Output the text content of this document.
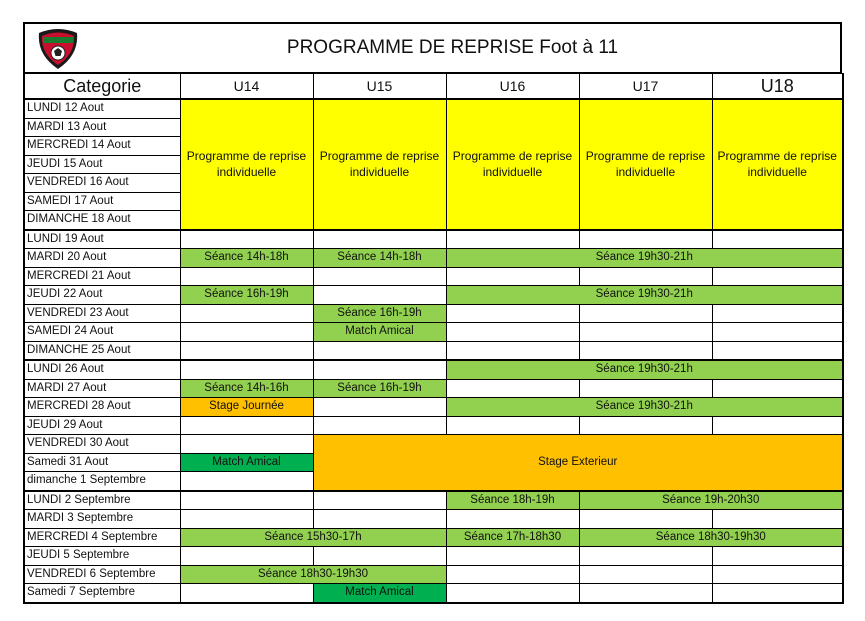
PROGRAMME DE REPRISE Foot à 11
Categorie	U14	U15	U16	U17	U18
LUNDI 12 Aout	Programme de reprise individuelle	Programme de reprise individuelle	Programme de reprise individuelle	Programme de reprise individuelle	Programme de reprise individuelle
MARDI 13 Aout					
MERCREDI 14 Aout					
JEUDI 15 Aout					
VENDREDI 16 Aout					
SAMEDI 17 Aout					
DIMANCHE 18 Aout					
LUNDI 19 Aout					
MARDI 20 Aout	Séance 14h-18h	Séance 14h-18h	Séance 19h30-21h		
MERCREDI 21 Aout					
JEUDI 22 Aout	Séance 16h-19h		Séance 19h30-21h		
VENDREDI 23 Aout		Séance 16h-19h			
SAMEDI 24 Aout		Match Amical			
DIMANCHE 25 Aout					
LUNDI 26 Aout			Séance 19h30-21h		
MARDI 27 Aout	Séance 14h-16h	Séance 16h-19h			
MERCREDI 28 Aout	Stage Journée		Séance 19h30-21h		
JEUDI 29 Aout					
VENDREDI 30 Aout		Stage Exterieur			
Samedi 31 Aout	Match Amical				
dimanche 1 Septembre					
LUNDI 2 Septembre			Séance 18h-19h	Séance 19h-20h30	
MARDI 3 Septembre					
MERCREDI 4 Septembre	Séance 15h30-17h		Séance 17h-18h30	Séance 18h30-19h30	
JEUDI 5 Septembre					
VENDREDI 6 Septembre	Séance 18h30-19h30				
Samedi 7 Septembre		Match Amical			
